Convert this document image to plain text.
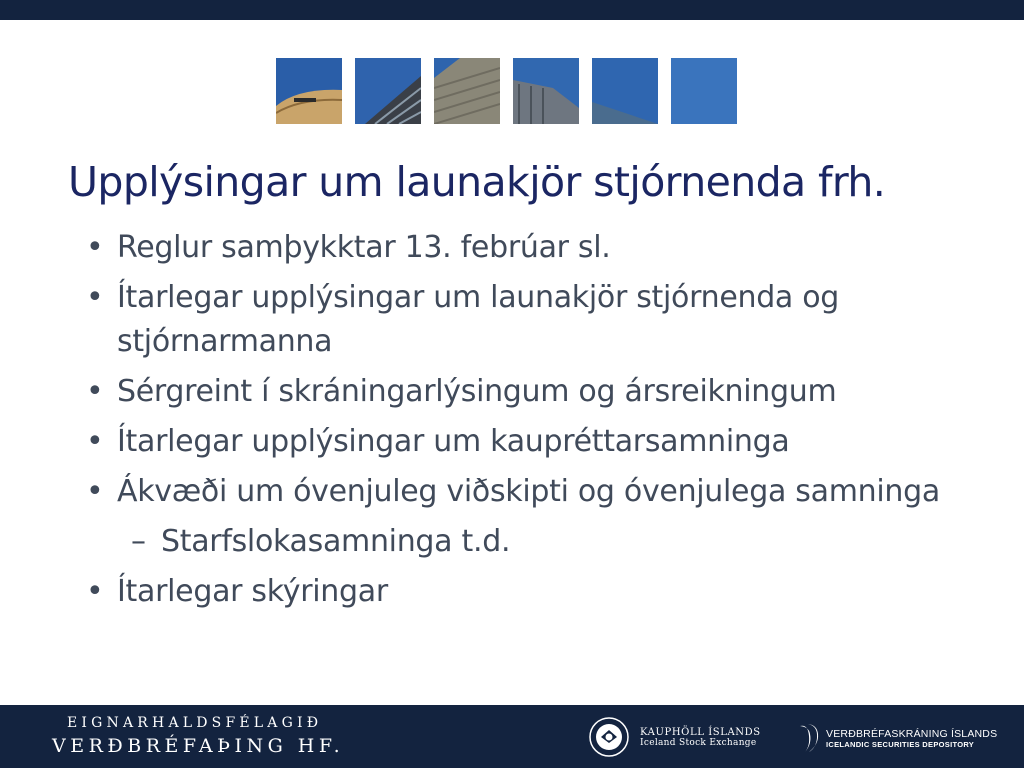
Upplýsingar um launakjör stjórnenda frh.
• Reglur samþykktar 13. febrúar sl.
• Ítarlegar upplýsingar um launakjör stjórnenda og stjórnarmanna
• Sérgreint í skráningarlýsingum og ársreikningum
• Ítarlegar upplýsingar um kaupréttarsamninga
• Ákvæði um óvenjuleg viðskipti og óvenjulega samninga
– Starfslokasamninga t.d.
• Ítarlegar skýringar
EIGNARHALDSFÉLAGIÐ
VERÐBRÉFAÞING HF.
KAUPHÖLL ÍSLANDS
Iceland Stock Exchange
VERÐBRÉFASKRÁNING ÍSLANDS
ICELANDIC SECURITIES DEPOSITORY
